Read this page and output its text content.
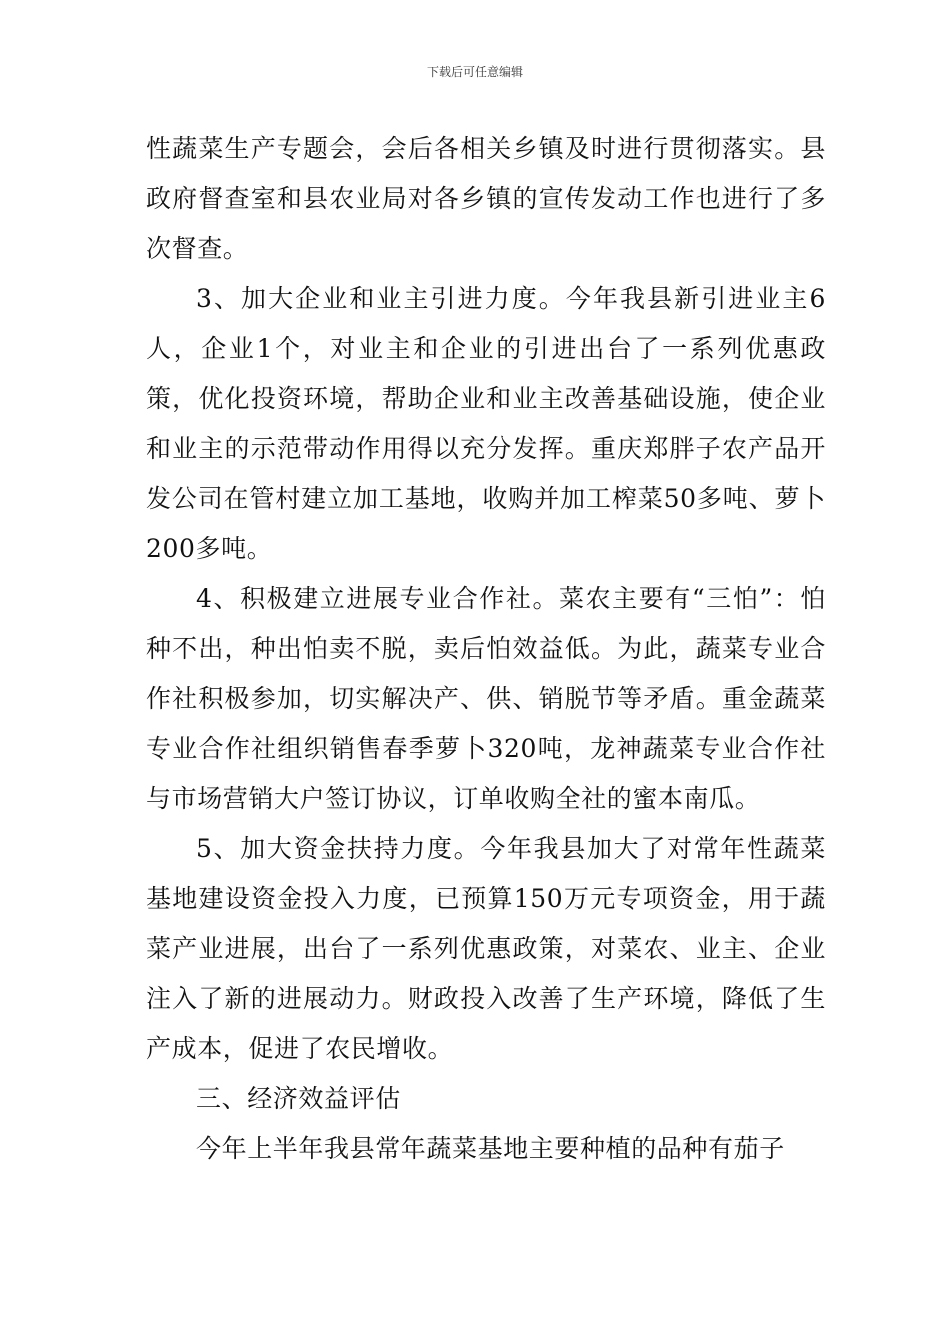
下载后可任意编辑

性蔬菜生产专题会，会后各相关乡镇及时进行贯彻落实。县政府督查室和县农业局对各乡镇的宣传发动工作也进行了多次督查。

3、加大企业和业主引进力度。今年我县新引进业主6人，企业1个，对业主和企业的引进出台了一系列优惠政策，优化投资环境，帮助企业和业主改善基础设施，使企业和业主的示范带动作用得以充分发挥。重庆郑胖子农产品开发公司在管村建立加工基地，收购并加工榨菜50多吨、萝卜200多吨。

4、积极建立进展专业合作社。菜农主要有“三怕”：怕种不出，种出怕卖不脱，卖后怕效益低。为此，蔬菜专业合作社积极参加，切实解决产、供、销脱节等矛盾。重金蔬菜专业合作社组织销售春季萝卜320吨，龙神蔬菜专业合作社与市场营销大户签订协议，订单收购全社的蜜本南瓜。

5、加大资金扶持力度。今年我县加大了对常年性蔬菜基地建设资金投入力度，已预算150万元专项资金，用于蔬菜产业进展，出台了一系列优惠政策，对菜农、业主、企业注入了新的进展动力。财政投入改善了生产环境，降低了生产成本，促进了农民增收。

三、经济效益评估

今年上半年我县常年蔬菜基地主要种植的品种有茄子
